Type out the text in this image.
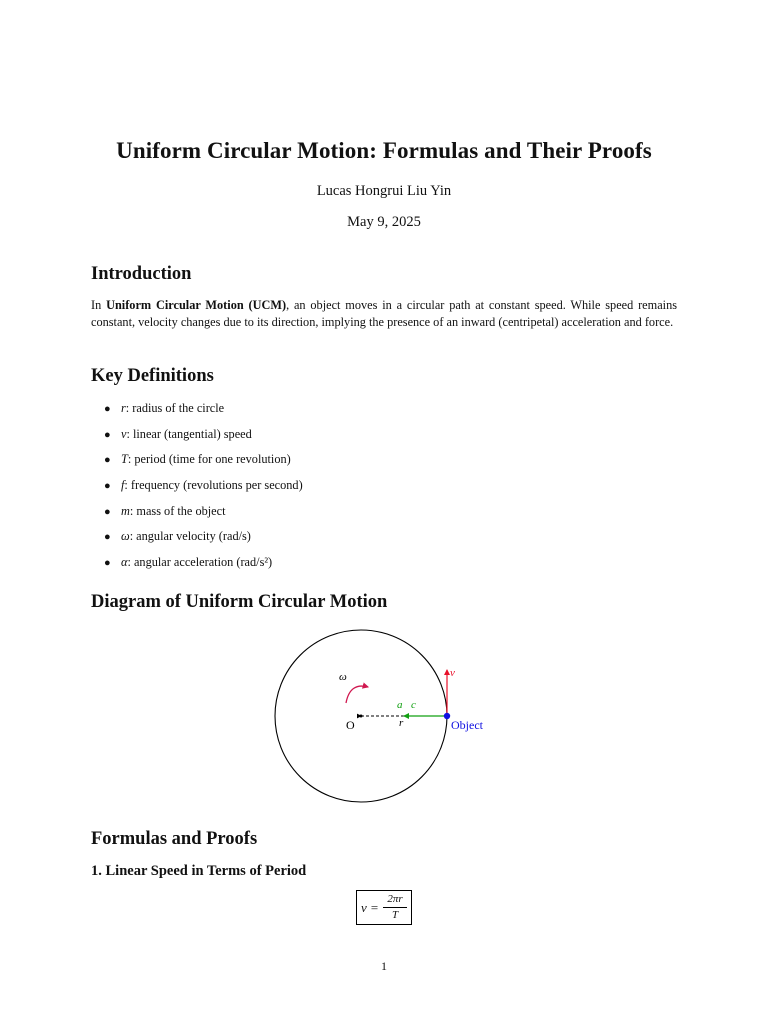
Uniform Circular Motion: Formulas and Their Proofs
Lucas Hongrui Liu Yin
May 9, 2025
Introduction
In Uniform Circular Motion (UCM), an object moves in a circular path at constant speed. While speed remains constant, velocity changes due to its direction, implying the presence of an inward (centripetal) acceleration and force.
Key Definitions
● r: radius of the circle
● v: linear (tangential) speed
● T: period (time for one revolution)
● f: frequency (revolutions per second)
● m: mass of the object
● ω: angular velocity (rad/s)
● α: angular acceleration (rad/s²)
Diagram of Uniform Circular Motion
O	r
ω	v⃗
a⃗c
Object
Formulas and Proofs
1. Linear Speed in Terms of Period
v =
2πr
T
1
